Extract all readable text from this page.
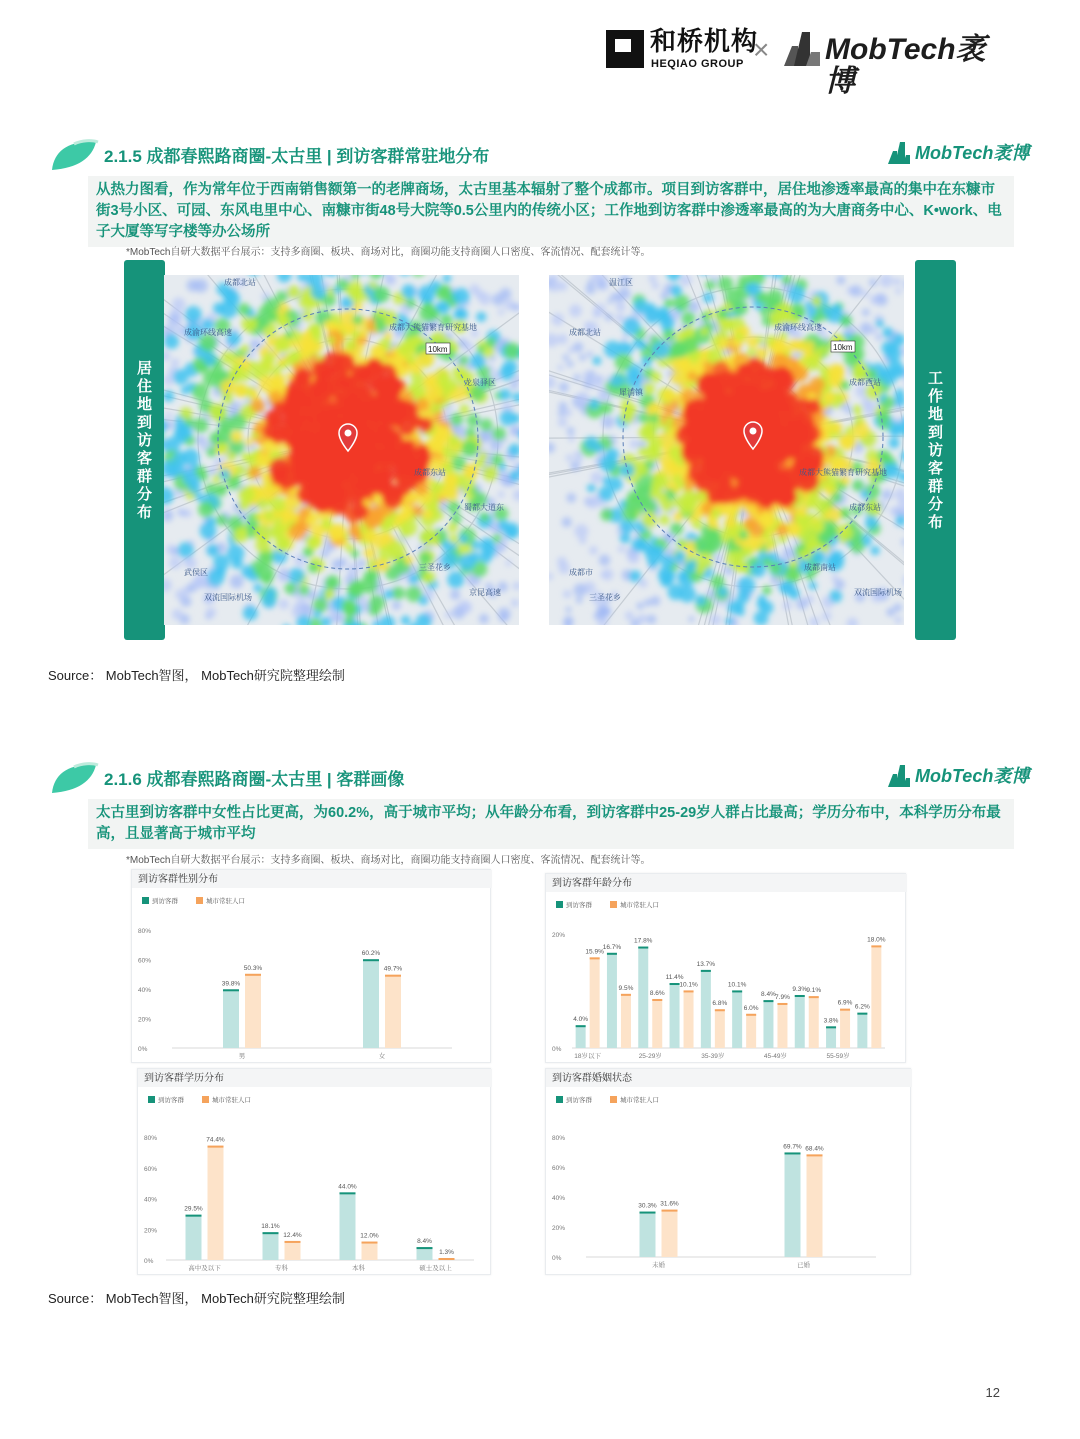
和桥机构
HEQIAO GROUP × MobTech袤博
2.1.5 成都春熙路商圈-太古里 | 到访客群常驻地分布	MobTech袤博
从热力图看，作为常年位于西南销售额第一的老牌商场，太古里基本辐射了整个成都市。项目到访客群中，居住地渗透率最高的集中在东糠市街3号小区、可园、东风电里中心、南糠市街48号大院等0.5公里内的传统小区；工作地到访客群中渗透率最高的为大唐商务中心、K•work、电子大厦等写字楼等办公场所
*MobTech自研大数据平台展示：支持多商圈、板块、商场对比，商圈功能支持商圈人口密度、客流情况、配套统计等。
居
住
地
到
访
客
群
分
布
工
作
地
到
访
客
群
分
布
10km
成渝环线高速
成都大熊猫繁育研究基地
成都东站
龙泉驿区
蜀都大道东
三圣花乡
武侯区
双流国际机场
京昆高速
成都北站
10km
成都北站
成渝环线高速
成都大熊猫繁育研究基地
成都西站
成都东站
成都南站
成都市
三圣花乡
双流国际机场
温江区
犀浦镇
Source： MobTech智图， MobTech研究院整理绘制
2.1.6 成都春熙路商圈-太古里 | 客群画像	MobTech袤博
太古里到访客群中女性占比更高，为60.2%，高于城市平均；从年龄分布看，到访客群中25-29岁人群占比最高；学历分布中，本科学历分布最高，且显著高于城市平均
*MobTech自研大数据平台展示：支持多商圈、板块、商场对比，商圈功能支持商圈人口密度、客流情况、配套统计等。
到访客群性别分布
到访客群	城市常驻人口
80%
60%
40%
20%
0%
39.8%
50.3%
男
60.2%
49.7%
女
到访客群年龄分布
到访客群	城市常驻人口
20%
0%
4.0%
15.9%
18岁以下
16.7%
9.5%
17.8%
8.6%
25-29岁
11.4%
10.1%
13.7%
6.8%
35-39岁
10.1%
6.0%
8.4% 7.9%
45-49岁
9.3% 9.1%
3.8%
6.9%
55-59岁
6.2%
18.0%
到访客群学历分布
到访客群	城市常驻人口
80%
60%
40%
20%
0%
29.5%
74.4%
高中及以下
18.1%
12.4%
专科
44.0%
12.0%
本科
8.4%
1.3%
硕士及以上
到访客群婚姻状态
到访客群	城市常驻人口
80%
60%
40%
20%
0%
30.3% 31.6%
未婚
69.7% 68.4%
已婚
Source： MobTech智图， MobTech研究院整理绘制
12
